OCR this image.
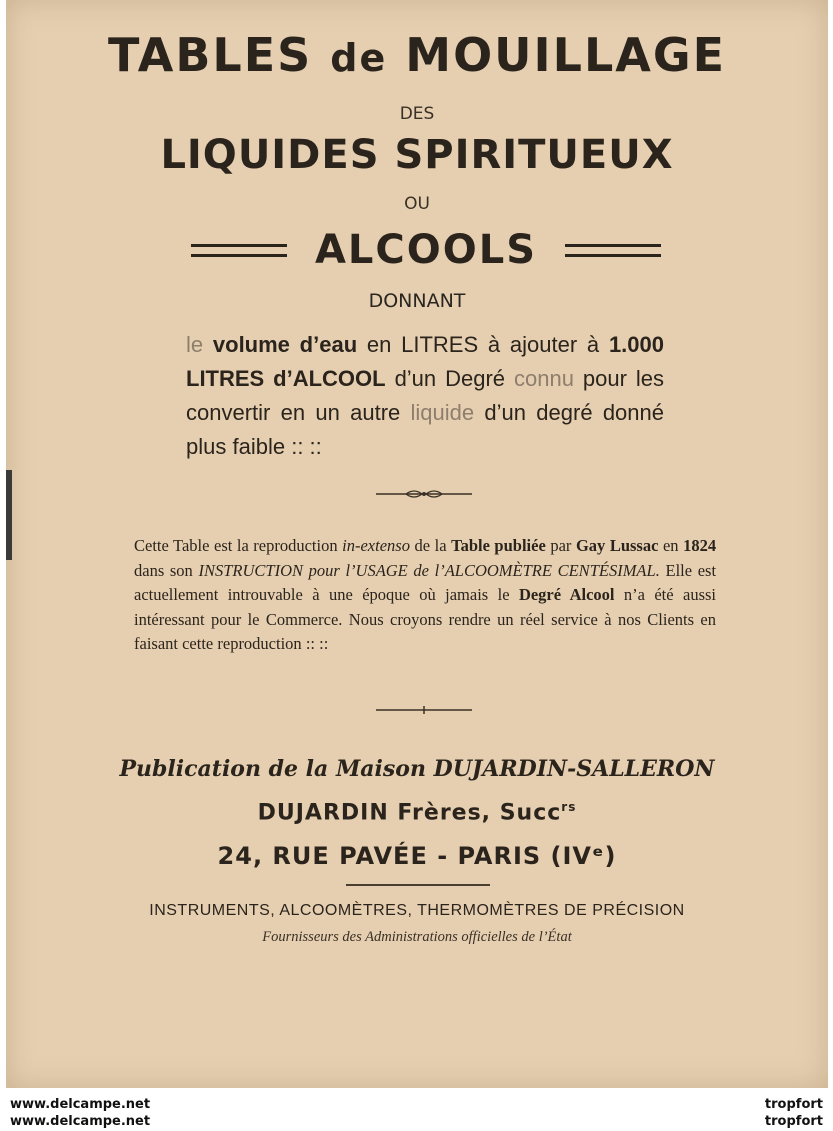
TABLES de MOUILLAGE
DES
LIQUIDES SPIRITUEUX
OU
ALCOOLS
DONNANT
le volume d’eau en LITRES à ajouter à 1.000 LITRES d’ALCOOL d’un Degré connu pour les convertir en un autre liquide d’un degré donné plus faible :: ::
Cette Table est la reproduction in-extenso de la Table publiée par Gay Lussac en 1824 dans son INSTRUCTION pour l’USAGE de l’ALCOOMÈTRE CENTÉSIMAL. Elle est actuellement introuvable à une époque où jamais le Degré Alcool n’a été aussi intéressant pour le Commerce. Nous croyons rendre un réel service à nos Clients en faisant cette reproduction :: ::
Publication de la Maison DUJARDIN-SALLERON
DUJARDIN Frères, Succ$^{rs}$
24, RUE PAVÉE - PARIS (IVᵉ)
INSTRUMENTS, ALCOOMÈTRES, THERMOMÈTRES DE PRÉCISION
Fournisseurs des Administrations officielles de l’État
www.delcampe.net	tropfort
www.delcampe.net	tropfort
